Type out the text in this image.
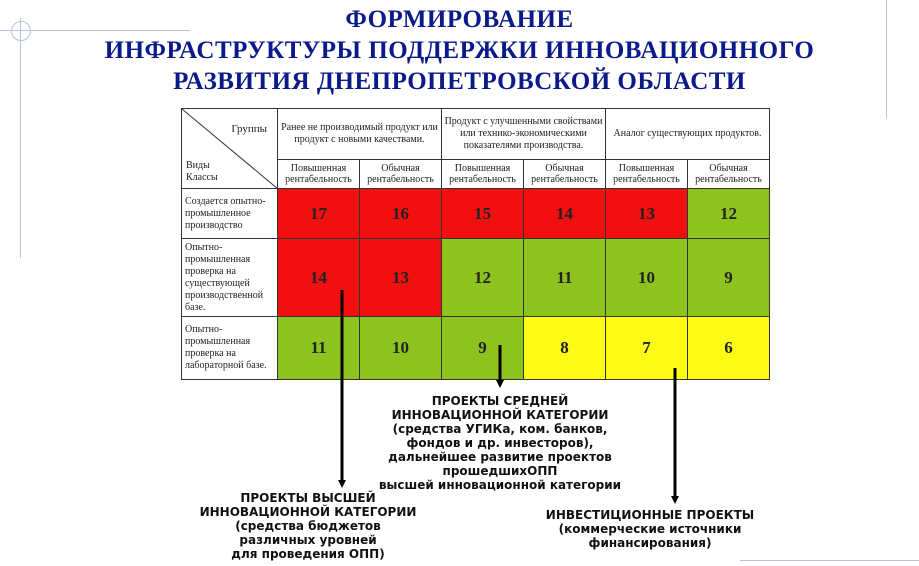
ФОРМИРОВАНИЕ
ИНФРАСТРУКТУРЫ ПОДДЕРЖКИ ИННОВАЦИОННОГО
РАЗВИТИЯ ДНЕПРОПЕТРОВСКОЙ ОБЛАСТИ
Группы
Виды
Классы	Ранее не производимый продукт или продукт с новыми качествами.		Продукт с улучшенными свойствами или технико-экономическими показателями производства.		Аналог существующих продуктов.	
	Повышенная рентабельность	Обычная рентабельность	Повышенная рентабельность	Обычная рентабельность	Повышенная рентабельность	Обычная рентабельность
Создается опытно-промышленное производство	17	16	15	14	13	12
Опытно-промышленная проверка на существующей производственной базе.	14	13	12	11	10	9
Опытно-промышленная проверка на лабораторной базе.	11	10	9	8	7	6
ПРОЕКТЫ СРЕДНЕЙ
ИННОВАЦИОННОЙ КАТЕГОРИИ
(средства УГИКа, ком. банков,
фондов и др. инвесторов),
дальнейшее развитие проектов
прошедшихОПП
высшей инновационной категории
ПРОЕКТЫ ВЫСШЕЙ
ИННОВАЦИОННОЙ КАТЕГОРИИ
(средства бюджетов
различных уровней
для проведения ОПП)
ИНВЕСТИЦИОННЫЕ ПРОЕКТЫ
(коммерческие источники
финансирования)
